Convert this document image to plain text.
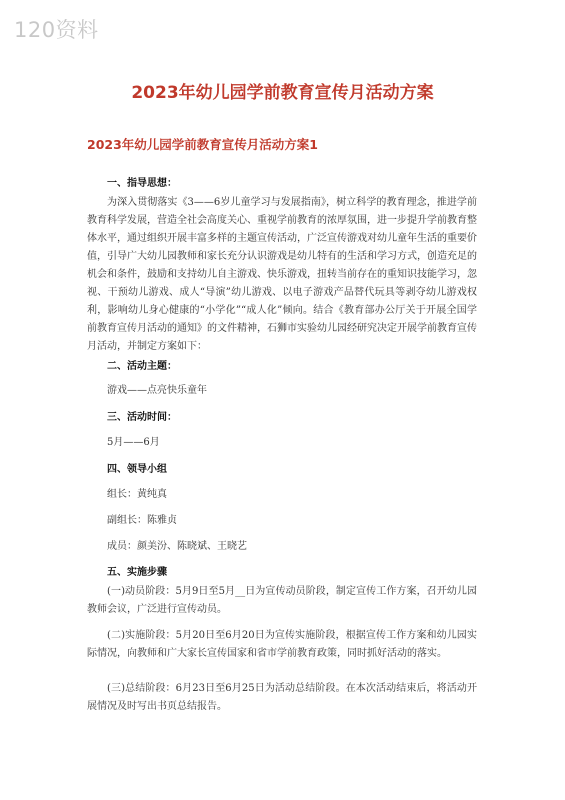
120资料
2023年幼儿园学前教育宣传月活动方案
2023年幼儿园学前教育宣传月活动方案1
一、指导思想：

为深入贯彻落实《3——6岁儿童学习与发展指南》，树立科学的教育理念，推进学前教育科学发展，营造全社会高度关心、重视学前教育的浓厚氛围，进一步提升学前教育整体水平，通过组织开展丰富多样的主题宣传活动，广泛宣传游戏对幼儿童年生活的重要价值，引导广大幼儿园教师和家长充分认识游戏是幼儿特有的生活和学习方式，创造充足的机会和条件，鼓励和支持幼儿自主游戏、快乐游戏，扭转当前存在的重知识技能学习，忽视、干预幼儿游戏、成人“导演”幼儿游戏、以电子游戏产品替代玩具等剥夺幼儿游戏权利，影响幼儿身心健康的“小学化”“成人化”倾向。结合《教育部办公厅关于开展全国学前教育宣传月活动的通知》的文件精神，石狮市实验幼儿园经研究决定开展学前教育宣传月活动，并制定方案如下：

二、活动主题：
游戏——点亮快乐童年
三、活动时间：
5月——6月
四、领导小组
组长：黄纯真
副组长：陈雅贞
成员：颜美汾、陈晓斌、王晓艺
五、实施步骤

(一)动员阶段：5月9日至5月__日为宣传动员阶段，制定宣传工作方案，召开幼儿园教师会议，广泛进行宣传动员。

(二)实施阶段：5月20日至6月20日为宣传实施阶段，根据宣传工作方案和幼儿园实际情况，向教师和广大家长宣传国家和省市学前教育政策，同时抓好活动的落实。

(三)总结阶段：6月23日至6月25日为活动总结阶段。在本次活动结束后，将活动开展情况及时写出书页总结报告。
